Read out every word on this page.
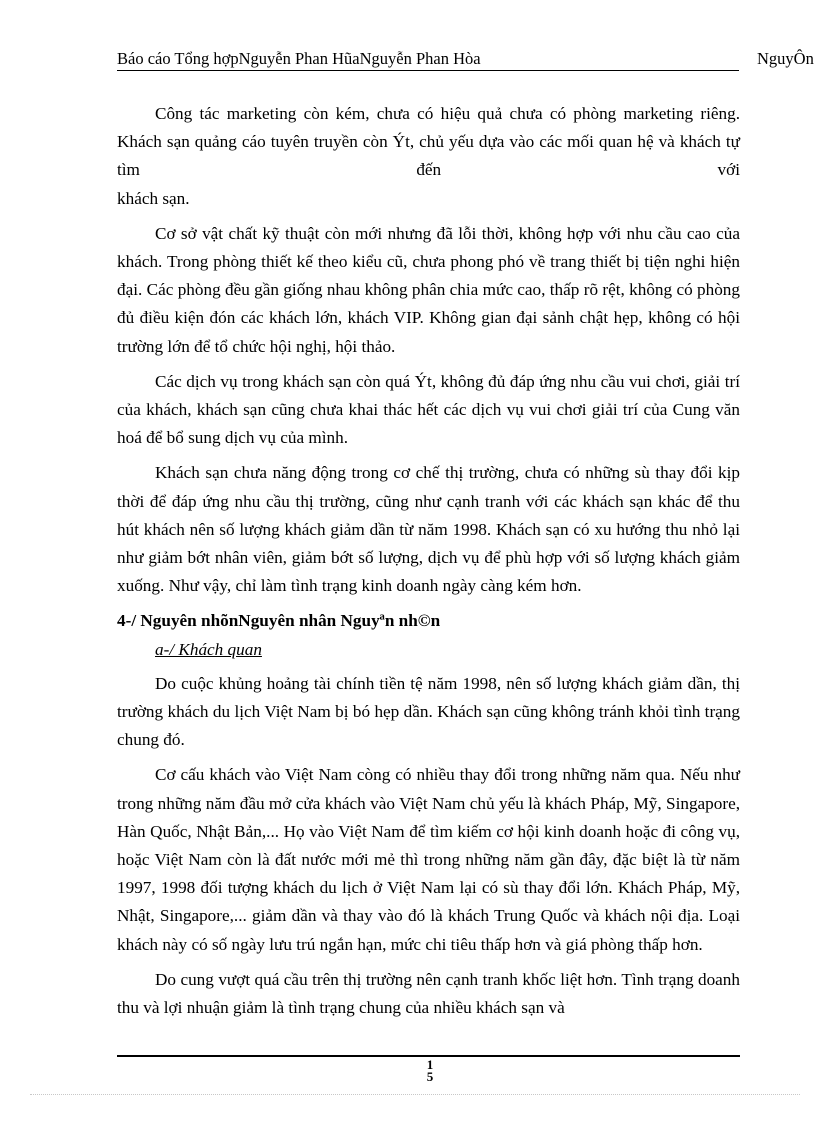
Báo cáo Tổng hợpNguyễn Phan HũaNguyễn Phan Hòa	NguyÔn

Công tác marketing còn kém, chưa có hiệu quả chưa có phòng marketing riêng. Khách sạn quảng cáo tuyên truyền còn Ýt, chủ yếu dựa vào các mối quan hệ và khách tự tìm đến với

khách sạn.

Cơ sở vật chất kỹ thuật còn mới nhưng đã lỗi thời, không hợp với nhu cầu cao của khách. Trong phòng thiết kế theo kiểu cũ, chưa phong phó về trang thiết bị tiện nghi hiện đại. Các phòng đều gần giống nhau không phân chia mức cao, thấp rõ rệt, không có phòng đủ điều kiện đón các khách lớn, khách VIP. Không gian đại sảnh chật hẹp, không có hội trường lớn để tổ chức hội nghị, hội thảo.

Các dịch vụ trong khách sạn còn quá Ýt, không đủ đáp ứng nhu cầu vui chơi, giải trí của khách, khách sạn cũng chưa khai thác hết các dịch vụ vui chơi giải trí của Cung văn hoá để bổ sung dịch vụ của mình.

Khách sạn chưa năng động trong cơ chế thị trường, chưa có những sù thay đổi kịp thời để đáp ứng nhu cầu thị trường, cũng như cạnh tranh với các khách sạn khác để thu hút khách nên số lượng khách giảm dần từ năm 1998. Khách sạn có xu hướng thu nhỏ lại như giảm bớt nhân viên, giảm bớt số lượng, dịch vụ để phù hợp với số lượng khách giảm xuống. Như vậy, chỉ làm tình trạng kinh doanh ngày càng kém hơn.

4-/ Nguyên nhõnNguyên nhân Nguyªn nh©n
a-/ Khách quan

Do cuộc khủng hoảng tài chính tiền tệ năm 1998, nên số lượng khách giảm dần, thị trường khách du lịch Việt Nam bị bó hẹp dần. Khách sạn cũng không tránh khỏi tình trạng chung đó.

Cơ cấu khách vào Việt Nam còng có nhiều thay đổi trong những năm qua. Nếu như trong những năm đầu mở cửa khách vào Việt Nam chủ yếu là khách Pháp, Mỹ, Singapore, Hàn Quốc, Nhật Bản,... Họ vào Việt Nam để tìm kiếm cơ hội kinh doanh hoặc đi công vụ, hoặc Việt Nam còn là đất nước mới mẻ thì trong những năm gần đây, đặc biệt là từ năm 1997, 1998 đối tượng khách du lịch ở Việt Nam lại có sù thay đổi lớn. Khách Pháp, Mỹ, Nhật, Singapore,... giảm dần và thay vào đó là khách Trung Quốc và khách nội địa. Loại khách này có số ngày lưu trú ngắn hạn, mức chi tiêu thấp hơn và giá phòng thấp hơn.

Do cung vượt quá cầu trên thị trường nên cạnh tranh khốc liệt hơn. Tình trạng doanh thu và lợi nhuận giảm là tình trạng chung của nhiều khách sạn và

1
5
